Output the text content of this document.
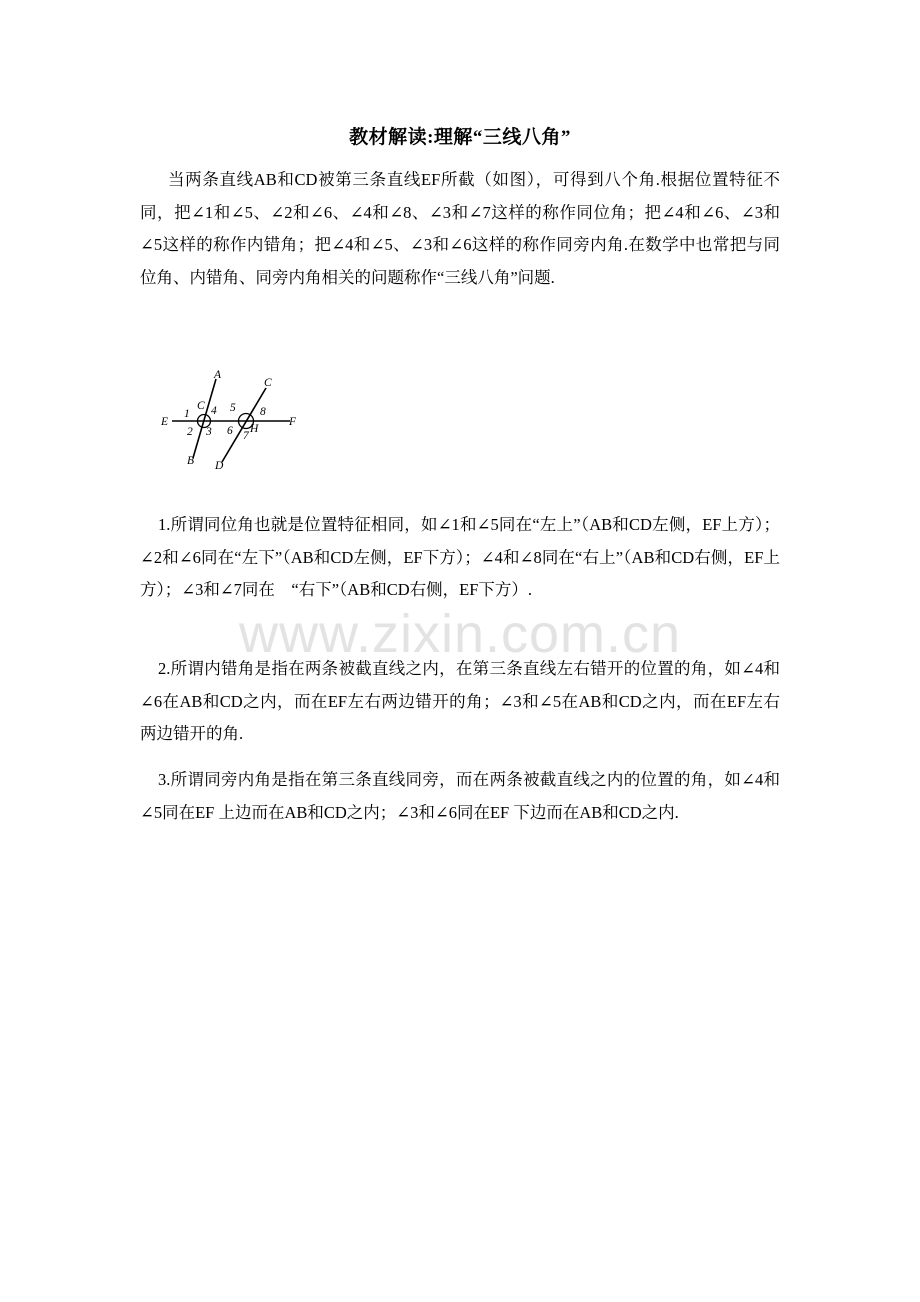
教材解读:理解“三线八角”

当两条直线AB和CD被第三条直线EF所截（如图），可得到八个角.根据位置特征不同，把∠1和∠5、∠2和∠6、∠4和∠8、∠3和∠7这样的称作同位角；把∠4和∠6、∠3和∠5这样的称作内错角；把∠4和∠5、∠3和∠6这样的称作同旁内角.在数学中也常把与同位角、内错角、同旁内角相关的问题称作“三线八角”问题.

A
C
C
1 4 5 8
E	F
2 3 6 H
7
B D

1.所谓同位角也就是位置特征相同，如∠1和∠5同在“左上”（AB和CD左侧，EF上方）；∠2和∠6同在“左下”（AB和CD左侧，EF下方）；∠4和∠8同在“右上”（AB和CD右侧，EF上方）；∠3和∠7同在　“右下”（AB和CD右侧，EF下方）.

2.所谓内错角是指在两条被截直线之内，在第三条直线左右错开的位置的角，如∠4和∠6在AB和CD之内，而在EF左右两边错开的角；∠3和∠5在AB和CD之内，而在EF左右两边错开的角.

3.所谓同旁内角是指在第三条直线同旁，而在两条被截直线之内的位置的角，如∠4和∠5同在EF 上边而在AB和CD之内；∠3和∠6同在EF 下边而在AB和CD之内.

www.zixin.com.cn
